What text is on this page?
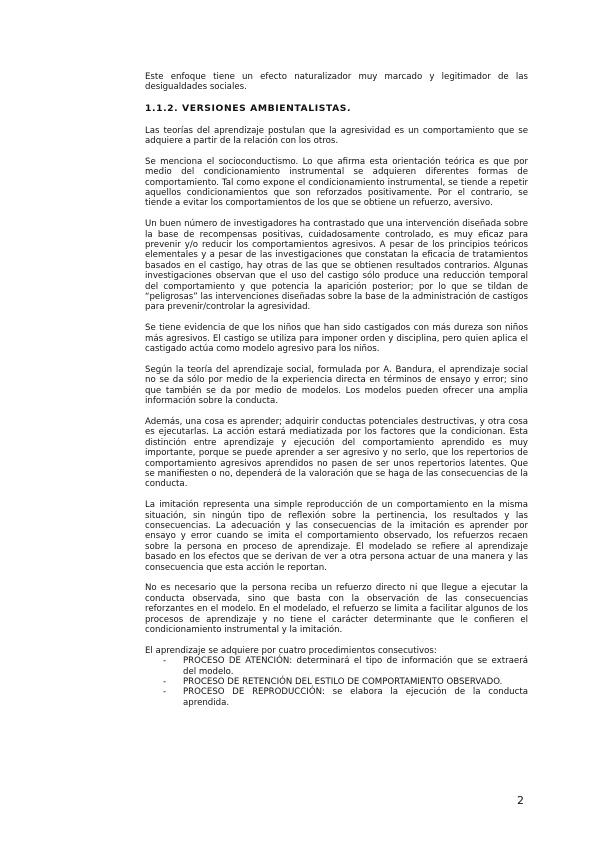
Este enfoque tiene un efecto naturalizador muy marcado y legitimador de las desigualdades sociales.

1.1.2. VERSIONES AMBIENTALISTAS.

Las teorías del aprendizaje postulan que la agresividad es un comportamiento que se adquiere a partir de la relación con los otros.

Se menciona el socioconductismo. Lo que afirma esta orientación teórica es que por medio del condicionamiento instrumental se adquieren diferentes formas de comportamiento. Tal como expone el condicionamiento instrumental, se tiende a repetir aquellos condicionamientos que son reforzados positivamente. Por el contrario, se tiende a evitar los comportamientos de los que se obtiene un refuerzo, aversivo.

Un buen número de investigadores ha contrastado que una intervención diseñada sobre la base de recompensas positivas, cuidadosamente controlado, es muy eficaz para prevenir y/o reducir los comportamientos agresivos. A pesar de los principios teóricos elementales y a pesar de las investigaciones que constatan la eficacia de tratamientos basados en el castigo, hay otras de las que se obtienen resultados contrarios. Algunas investigaciones observan que el uso del castigo sólo produce una reducción temporal del comportamiento y que potencia la aparición posterior; por lo que se tildan de “peligrosas” las intervenciones diseñadas sobre la base de la administración de castigos para prevenir/controlar la agresividad.

Se tiene evidencia de que los niños que han sido castigados con más dureza son niños más agresivos. El castigo se utiliza para imponer orden y disciplina, pero quien aplica el castigado actúa como modelo agresivo para los niños.

Según la teoría del aprendizaje social, formulada por A. Bandura, el aprendizaje social no se da sólo por medio de la experiencia directa en términos de ensayo y error; sino que también se da por medio de modelos. Los modelos pueden ofrecer una amplia información sobre la conducta.

Además, una cosa es aprender; adquirir conductas potenciales destructivas, y otra cosa es ejecutarlas. La acción estará mediatizada por los factores que la condicionan. Esta distinción entre aprendizaje y ejecución del comportamiento aprendido es muy importante, porque se puede aprender a ser agresivo y no serlo, que los repertorios de comportamiento agresivos aprendidos no pasen de ser unos repertorios latentes. Que se manifiesten o no, dependerá de la valoración que se haga de las consecuencias de la conducta.

La imitación representa una simple reproducción de un comportamiento en la misma situación, sin ningún tipo de reflexión sobre la pertinencia, los resultados y las consecuencias. La adecuación y las consecuencias de la imitación es aprender por ensayo y error cuando se imita el comportamiento observado, los refuerzos recaen sobre la persona en proceso de aprendizaje. El modelado se refiere al aprendizaje basado en los efectos que se derivan de ver a otra persona actuar de una manera y las consecuencia que esta acción le reportan.

No es necesario que la persona reciba un refuerzo directo ni que llegue a ejecutar la conducta observada, sino que basta con la observación de las consecuencias reforzantes en el modelo. En el modelado, el refuerzo se limita a facilitar algunos de los procesos de aprendizaje y no tiene el carácter determinante que le confieren el condicionamiento instrumental y la imitación.

El aprendizaje se adquiere por cuatro procedimientos consecutivos:

- PROCESO DE ATENCIÓN: determinará el tipo de información que se extraerá del modelo.
- PROCESO DE RETENCIÓN DEL ESTILO DE COMPORTAMIENTO OBSERVADO.
- PROCESO DE REPRODUCCIÓN: se elabora la ejecución de la conducta aprendida.
2
